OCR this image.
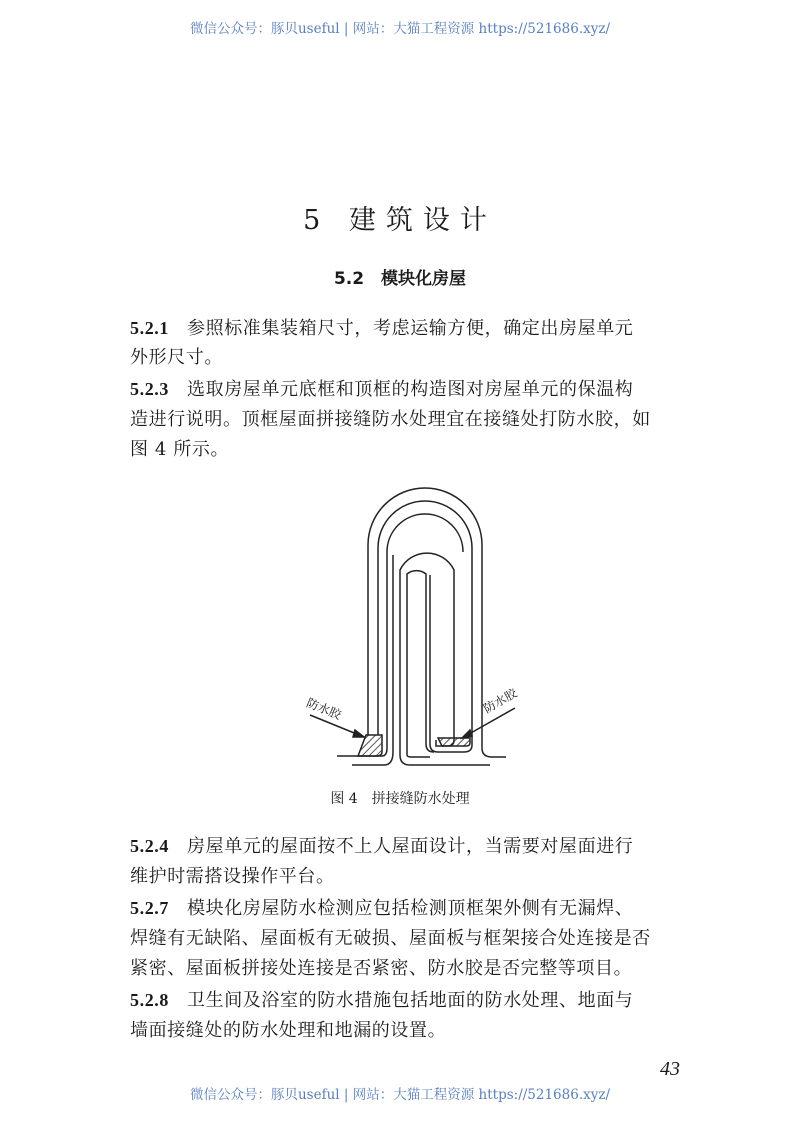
微信公众号：豚贝useful | 网站：大猫工程资源 https://521686.xyz/
5 建筑设计
5.2　模块化房屋
5.2.1 参照标准集装箱尺寸，考虑运输方便，确定出房屋单元
外形尺寸。
5.2.3 选取房屋单元底框和顶框的构造图对房屋单元的保温构
造进行说明。顶框屋面拼接缝防水处理宜在接缝处打防水胶，如
图 4 所示。
防水胶	防水胶
图 4　拼接缝防水处理
5.2.4 房屋单元的屋面按不上人屋面设计，当需要对屋面进行
维护时需搭设操作平台。
5.2.7 模块化房屋防水检测应包括检测顶框架外侧有无漏焊、
焊缝有无缺陷、屋面板有无破损、屋面板与框架接合处连接是否
紧密、屋面板拼接处连接是否紧密、防水胶是否完整等项目。
5.2.8 卫生间及浴室的防水措施包括地面的防水处理、地面与
墙面接缝处的防水处理和地漏的设置。
43
微信公众号：豚贝useful | 网站：大猫工程资源 https://521686.xyz/
